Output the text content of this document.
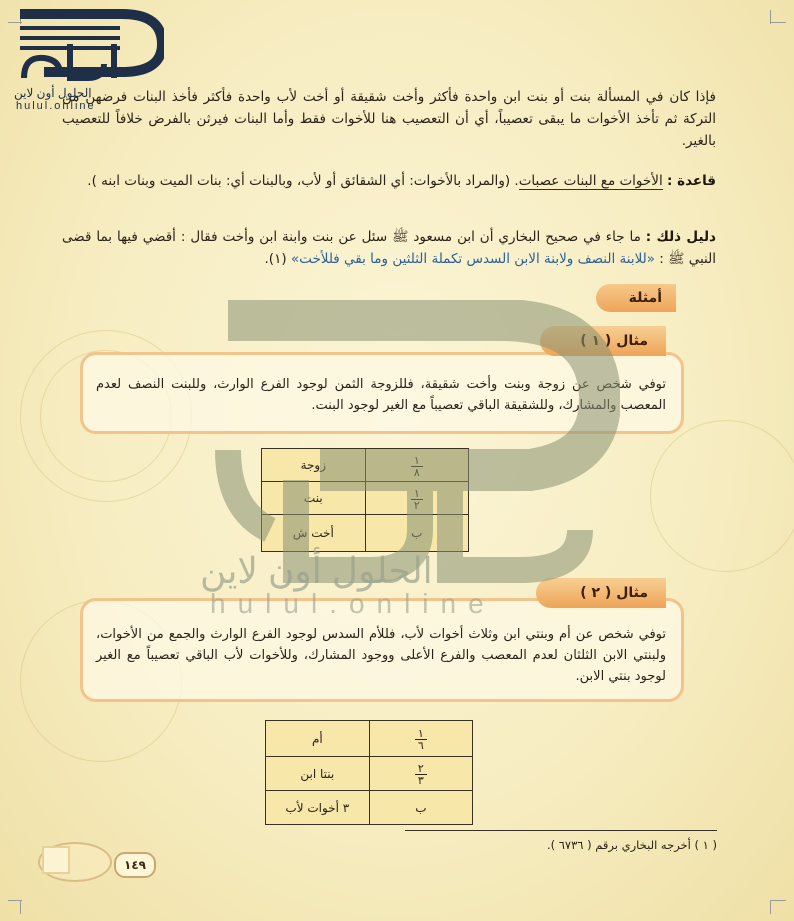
فإذا كان في المسألة بنت أو بنت ابن واحدة فأكثر وأخت شقيقة أو أخت لأب واحدة فأكثر فأخذ البنات فرضهن من التركة ثم تأخذ الأخوات ما يبقى تعصيباً، أي أن التعصيب هنا للأخوات فقط وأما البنات فيرثن بالفرض خلافاً للتعصيب بالغير.

قاعدة : الأخوات مع البنات عصبات. (والمراد بالأخوات: أي الشقائق أو لأب، وبالبنات أي: بنات الميت وبنات ابنه ).

دليل ذلك : ما جاء في صحيح البخاري أن ابن مسعود ﷺ سئل عن بنت وابنة ابن وأخت فقال : أقضي فيها بما قضى النبي ﷺ : «للابنة النصف ولابنة الابن السدس تكملة الثلثين وما بقي فللأخت» (١).

أمثلة
مثال ( ١ )

توفي شخص عن زوجة وبنت وأخت شقيقة، فللزوجة الثمن لوجود الفرع الوارث، وللبنت النصف لعدم المعصب والمشارك، وللشقيقة الباقي تعصيباً مع الغير لوجود البنت.

زوجة	$\frac{١}{٨}$

بنت	$\frac{١}{٢}$

أخت ش	ب
مثال ( ٢ )

توفي شخص عن أم وبنتي ابن وثلاث أخوات لأب، فللأم السدس لوجود الفرع الوارث والجمع من الأخوات، ولبنتي الابن الثلثان لعدم المعصب والفرع الأعلى ووجود المشارك، وللأخوات لأب الباقي تعصيباً مع الغير لوجود بنتي الابن.

أم	$\frac{١}{٦}$

بنتا ابن	$\frac{٢}{٣}$

٣ أخوات لأب	ب
( ١ ) أخرجه البخاري برقم ( ٦٧٣٦ ).
١٤٩
الحلول أون لاين
hulul.online
الحلول أون لاين
hulul.online
